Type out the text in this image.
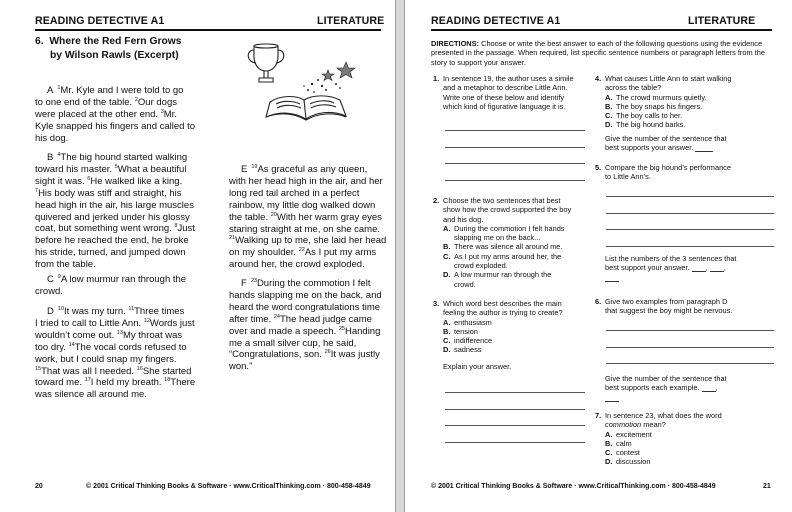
READING DETECTIVE A1	LITERATURE
6. Where the Red Fern Grows
by Wilson Rawls (Excerpt)
A $^1$Mr. Kyle and I were told to go
to one end of the table. $^2$Our dogs
were placed at the other end. $^3$Mr.
Kyle snapped his fingers and called to
his dog.
B $^4$The big hound started walking
toward his master. $^5$What a beautiful
sight it was. $^6$He walked like a king.
$^7$His body was stiff and straight, his
head high in the air, his large muscles
quivered and jerked under his glossy
coat, but something went wrong. $^8$Just
before he reached the end, he broke
his stride, turned, and jumped down
from the table.
C $^9$A low murmur ran through the
crowd.
D $^{10}$It was my turn. $^{11}$Three times
I tried to call to Little Ann. $^{12}$Words just
wouldn’t come out. $^{13}$My throat was
too dry. $^{14}$The vocal cords refused to
work, but I could snap my fingers.
$^{15}$That was all I needed. $^{16}$She started
toward me. $^{17}$I held my breath. $^{18}$There
was silence all around me.
E $^{19}$As graceful as any queen,
with her head high in the air, and her
long red tail arched in a perfect
rainbow, my little dog walked down
the table. $^{20}$With her warm gray eyes
staring straight at me, on she came.
$^{21}$Walking up to me, she laid her head
on my shoulder. $^{22}$As I put my arms
around her, the crowd exploded.
F $^{23}$During the commotion I felt
hands slapping me on the back, and
heard the word congratulations time
after time. $^{24}$The head judge came
over and made a speech. $^{25}$Handing
me a small silver cup, he said,
“Congratulations, son. $^{26}$It was justly
won.”
20	© 2001 Critical Thinking Books & Software · www.CriticalThinking.com · 800-458-4849
READING DETECTIVE A1	LITERATURE
DIRECTIONS: Choose or write the best answer to each of the following questions using the evidence presented in the passage. When required, list specific sentence numbers or paragraph letters from the story to support your answer.
1. In sentence 19, the author uses a simile
and a metaphor to describe Little Ann.
Write one of these below and identify
which kind of figurative language it is.
2. Choose the two sentences that best
show how the crowd supported the boy
and his dog.
A. During the commotion I felt hands
slapping me on the back...
B. There was silence all around me.
C. As I put my arms around her, the
crowd exploded.
D. A low murmur ran through the
crowd.
3. Which word best describes the main
feeling the author is trying to create?
A. enthusiasm
B. tension
C. indifference
D. sadness
Explain your answer.
4. What causes Little Ann to start walking
across the table?
A. The crowd murmurs quietly.
B. The boy snaps his fingers.
C. The boy calls to her.
D. The big hound barks.
Give the number of the sentence that
best supports your answer.
5. Compare the big hound’s performance
to Little Ann’s.
List the numbers of the 3 sentences that
best support your answer. , ,

6. Give two examples from paragraph D
that suggest the boy might be nervous.
Give the number of the sentence that
best supports each example. ,

7. In sentence 23, what does the word
commotion mean?
A. excitement
B. calm
C. contest
D. discussion
© 2001 Critical Thinking Books & Software · www.CriticalThinking.com · 800-458-4849	21
